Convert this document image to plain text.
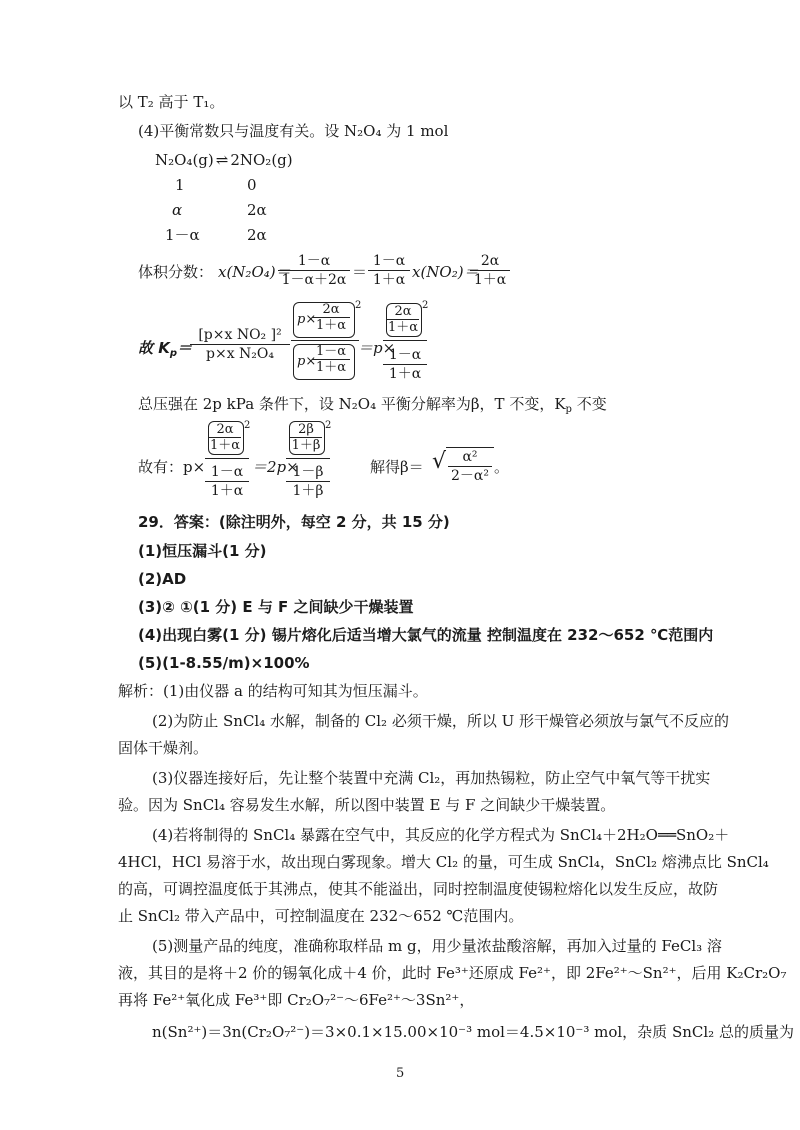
以 T₂ 高于 T₁。
(4)平衡常数只与温度有关。设 N₂O₄ 为 1 mol
N₂O₄(g) ⇌ 2NO₂(g)
1	0
α	2α
1－α	2α
体积分数： x(N₂O₄)＝
$\frac{1-\alpha}{1-\alpha+2\alpha} = \frac{1-\alpha}{1+\alpha} x(NO_2)=$
$\frac{2\alpha}{1+\alpha}$
故 $K_p=$
$\frac{\text{[p×x NO₂ ]²}}{\text{p×x N₂O₄}}$
p×
$\frac{2\alpha}{1+\alpha} 2$
p×
$\frac{1-\alpha}{1+\alpha} =p\times$
$\frac{2\alpha}{1+\alpha} 2$
$\frac{1-\alpha}{1+\alpha}$
总压强在 2p kPa 条件下，设 N₂O₄ 平衡分解率为β，T 不变，$K_p$ 不变
故有：p×
$\frac{2\alpha}{1+\alpha} 2$
$\frac{1-\alpha}{1+\alpha} =2p\times$
$\frac{2\beta}{1+\beta} 2$
$\frac{1-\beta}{1+\beta}$	解得β＝ √ $\frac{\text{α²}}{\text{2－α²}}$ 。
29．答案：(除注明外，每空 2 分，共 15 分)
(1)恒压漏斗(1 分)
(2)AD
(3)② ①(1 分) E 与 F 之间缺少干燥装置
(4)出现白雾(1 分) 锡片熔化后适当增大氯气的流量 控制温度在 232～652 ℃范围内
(5)(1-8.55/m)×100%
解析：(1)由仪器 a 的结构可知其为恒压漏斗。
(2)为防止 SnCl₄ 水解，制备的 Cl₂ 必须干燥，所以 U 形干燥管必须放与氯气不反应的
固体干燥剂。
(3)仪器连接好后，先让整个装置中充满 Cl₂，再加热锡粒，防止空气中氧气等干扰实
验。因为 SnCl₄ 容易发生水解，所以图中装置 E 与 F 之间缺少干燥装置。
(4)若将制得的 SnCl₄ 暴露在空气中，其反应的化学方程式为 SnCl₄＋2H₂O══SnO₂＋
4HCl，HCl 易溶于水，故出现白雾现象。增大 Cl₂ 的量，可生成 SnCl₄，SnCl₂ 熔沸点比 SnCl₄
的高，可调控温度低于其沸点，使其不能溢出，同时控制温度使锡粒熔化以发生反应，故防
止 SnCl₂ 带入产品中，可控制温度在 232～652 ℃范围内。
(5)测量产品的纯度，准确称取样品 m g，用少量浓盐酸溶解，再加入过量的 FeCl₃ 溶
液，其目的是将＋2 价的锡氧化成＋4 价，此时 Fe³⁺还原成 Fe²⁺，即 2Fe²⁺～Sn²⁺，后用 K₂Cr₂O₇
再将 Fe²⁺氧化成 Fe³⁺即 Cr₂O₇²⁻～6Fe²⁺～3Sn²⁺，
n(Sn²⁺)＝3n(Cr₂O₇²⁻)＝3×0.1×15.00×10⁻³ mol＝4.5×10⁻³ mol，杂质 SnCl₂ 总的质量为
5
